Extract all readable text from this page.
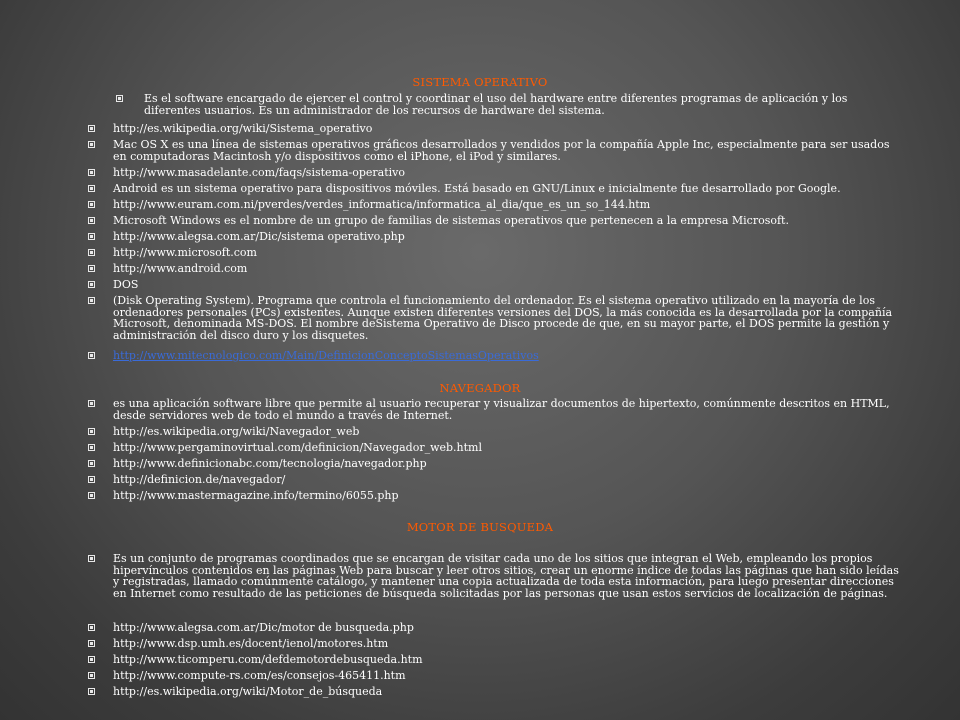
SISTEMA OPERATIVO
Es el software encargado de ejercer el control y coordinar el uso del hardware entre diferentes programas de aplicación y los diferentes usuarios. Es un administrador de los recursos de hardware del sistema.
http://es.wikipedia.org/wiki/Sistema_operativo
Mac OS X es una línea de sistemas operativos gráficos desarrollados y vendidos por la compañía Apple Inc, especialmente para ser usados en computadoras Macintosh y/o dispositivos como el iPhone, el iPod y similares.
http://www.masadelante.com/faqs/sistema-operativo
Android es un sistema operativo para dispositivos móviles. Está basado en GNU/Linux e inicialmente fue desarrollado por Google.
http://www.euram.com.ni/pverdes/verdes_informatica/informatica_al_dia/que_es_un_so_144.htm
Microsoft Windows es el nombre de un grupo de familias de sistemas operativos que pertenecen a la empresa Microsoft.
http://www.alegsa.com.ar/Dic/sistema operativo.php
http://www.microsoft.com
http://www.android.com
DOS
(Disk Operating System). Programa que controla el funcionamiento del ordenador. Es el sistema operativo utilizado en la mayoría de los ordenadores personales (PCs) existentes. Aunque existen diferentes versiones del DOS, la más conocida es la desarrollada por la compañía Microsoft, denominada MS-DOS. El nombre deSistema Operativo de Disco procede de que, en su mayor parte, el DOS permite la gestión y administración del disco duro y los disquetes.
http://www.mitecnologico.com/Main/DefinicionConceptoSistemasOperativos
NAVEGADOR
es una aplicación software libre que permite al usuario recuperar y visualizar documentos de hipertexto, comúnmente descritos en HTML, desde servidores web de todo el mundo a través de Internet.
http://es.wikipedia.org/wiki/Navegador_web
http://www.pergaminovirtual.com/definicion/Navegador_web.html
http://www.definicionabc.com/tecnologia/navegador.php
http://definicion.de/navegador/
http://www.mastermagazine.info/termino/6055.php
MOTOR DE BUSQUEDA
Es un conjunto de programas coordinados que se encargan de visitar cada uno de los sitios que integran el Web, empleando los propios hipervínculos contenidos en las páginas Web para buscar y leer otros sitios, crear un enorme índice de todas las páginas que han sido leídas y registradas, llamado comúnmente catálogo, y mantener una copia actualizada de toda esta información, para luego presentar direcciones en Internet como resultado de las peticiones de búsqueda solicitadas por las personas que usan estos servicios de localización de páginas.
http://www.alegsa.com.ar/Dic/motor de busqueda.php
http://www.dsp.umh.es/docent/ienol/motores.htm
http://www.ticomperu.com/defdemotordebusqueda.htm
http://www.compute-rs.com/es/consejos-465411.htm
http://es.wikipedia.org/wiki/Motor_de_búsqueda
